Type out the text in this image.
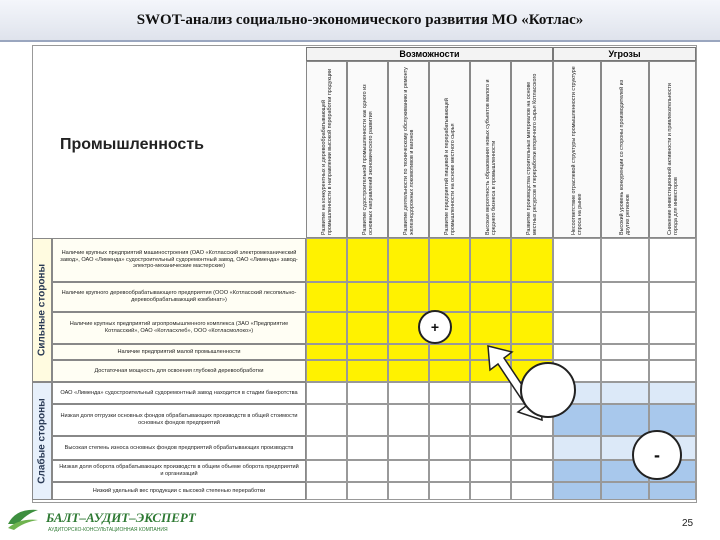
SWOT-анализ социально-экономического развития МО «Котлас»
Промышленность
Возможности	Угрозы
Развитие на конкурентных и деревообрабатывающей промышленности в направлении высокой переработки продукции	Развитие судостроительной промышленности как одного из основных направлений экономического развития	Развитие деятельности по техническому обслуживанию и ремонту железнодорожных локомотивов и вагонов	Развитие предприятий пищевой и перерабатывающей промышленности на основе местного сырья	Высокая вероятность образования новых субъектов малого и среднего бизнеса в промышленности	Развитие производства строительных материалов на основе местных ресурсов и переработки вторичного сырья Котласского	Несоответствие отраслевой структуры промышленности структуре спроса на рынке	Высокий уровень конкуренции со стороны производителей из других регионов	Снижение инвестиционной активности и привлекательности города для инвесторов
Сильные стороны
Слабые стороны
Наличие крупных предприятий машиностроения (ОАО «Котласский электромеханический завод», ОАО «Лименда» судостроительный судоремонтный завод, ОАО «Лименда» завод-электро-механические мастерские)
Наличие крупного деревообрабатывающего предприятия (ООО «Котласский лесопильно-деревообрабатывающий комбинат»)
Наличие крупных предприятий агропромышленного комплекса (ЗАО «Предприятие Котласский», ОАО «Котласхлеб», ООО «Котласмолоко»)
Наличие предприятий малой промышленности
Достаточная мощность для освоения глубокой деревообработки
ОАО «Лименда» судостроительный судоремонтный завод находится в стадии банкротства
Низкая доля отгрузки основных фондов обрабатывающих производств в общей стоимости основных фондов предприятий
Высокая степень износа основных фондов предприятий обрабатывающих производств
Низкая доля оборота обрабатывающих производств в общем объеме оборота предприятий и организаций
Низкий удельный вес продукции с высокой степенью переработки
+
-
БАЛТ–АУДИТ–ЭКСПЕРТ
АУДИТОРСКО-КОНСУЛЬТАЦИОННАЯ КОМПАНИЯ
25
